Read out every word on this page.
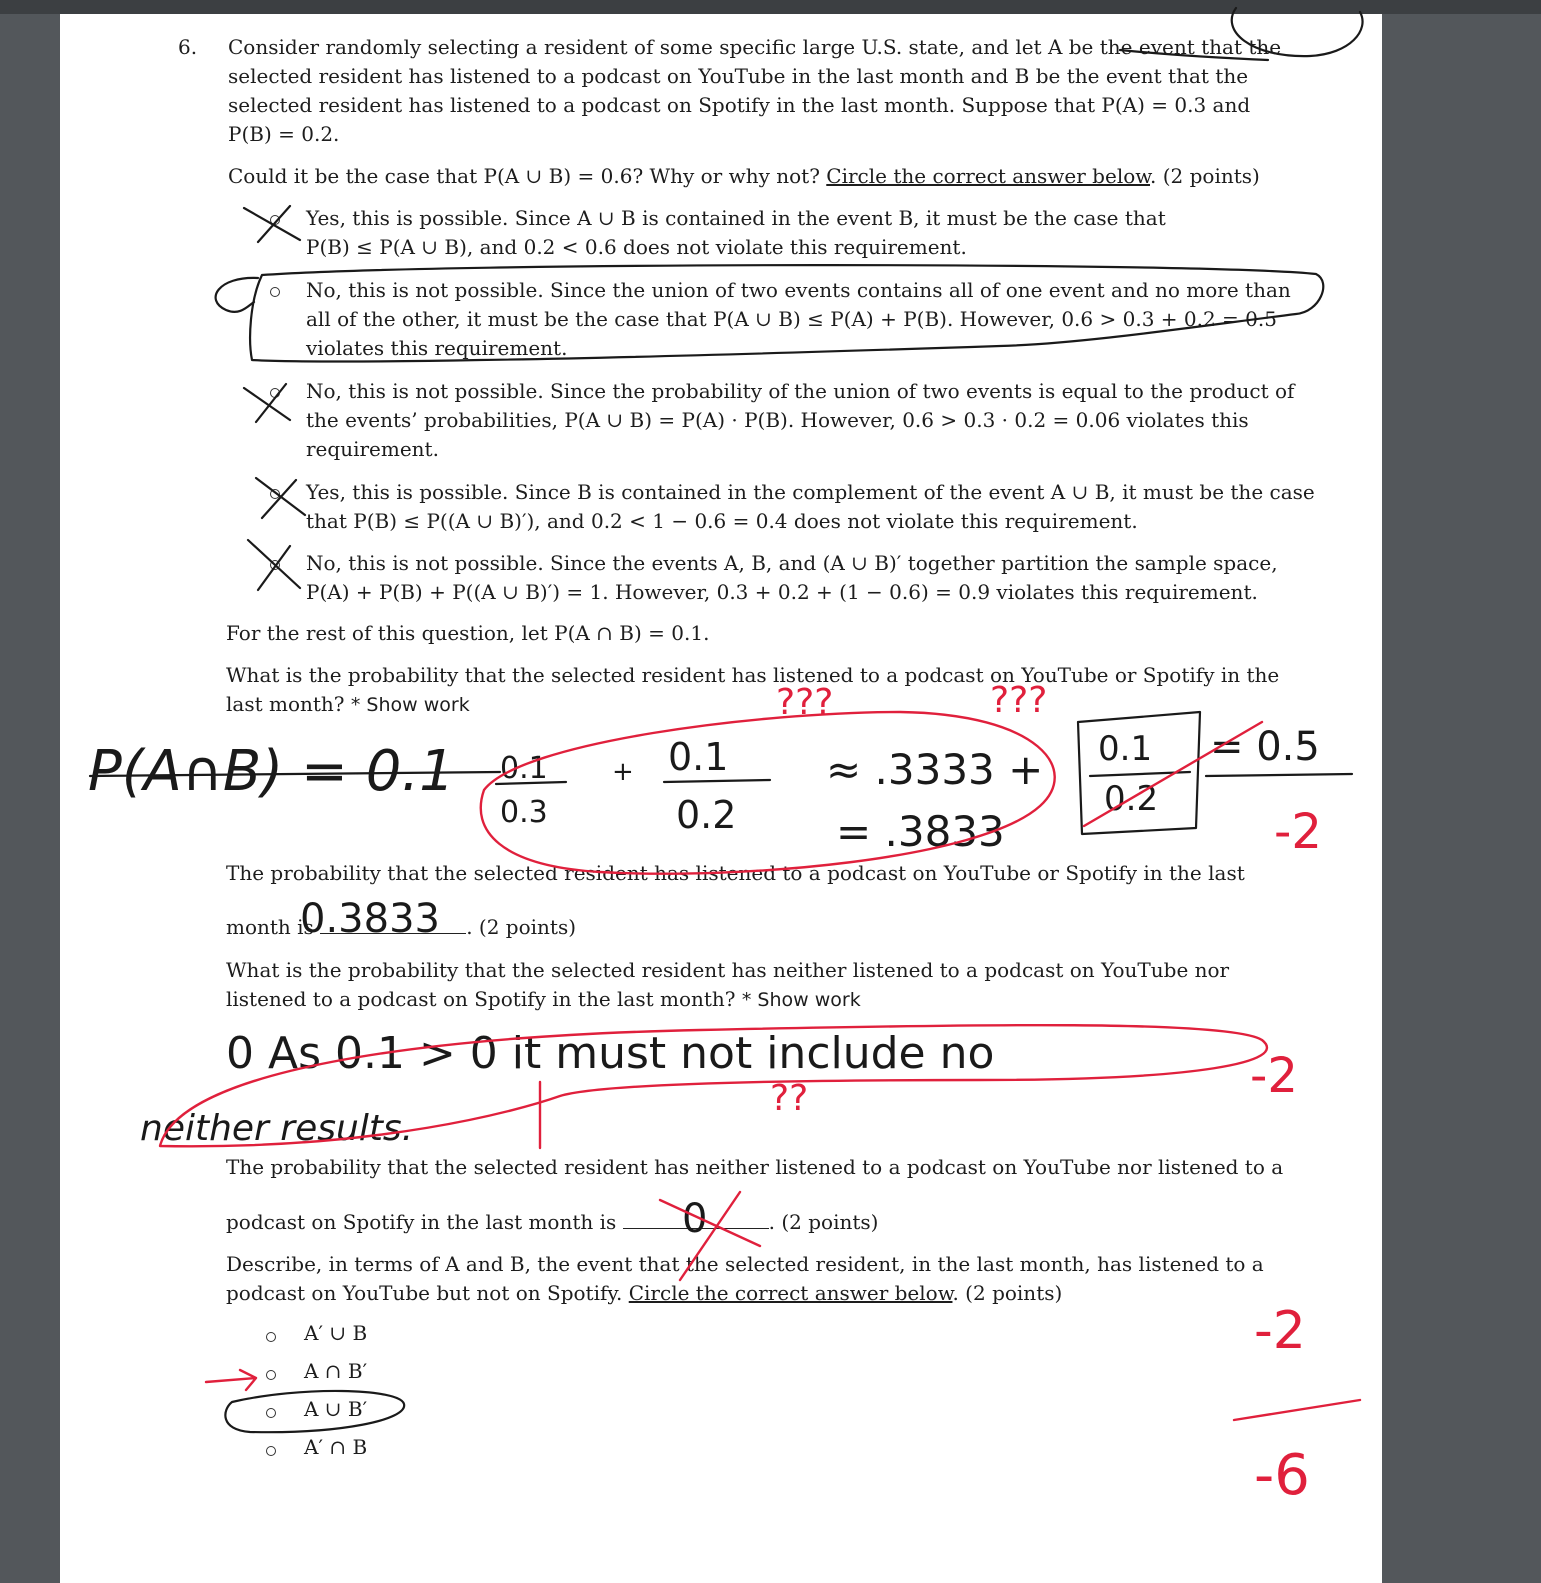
6. Consider randomly selecting a resident of some specific large U.S. state, and let A be the event that the
selected resident has listened to a podcast on YouTube in the last month and B be the event that the
selected resident has listened to a podcast on Spotify in the last month. Suppose that P(A) = 0.3 and
P(B) = 0.2.
Could it be the case that P(A ∪ B) = 0.6? Why or why not? Circle the correct answer below. (2 points)
Yes, this is possible. Since A ∪ B is contained in the event B, it must be the case that
P(B) ≤ P(A ∪ B), and 0.2 < 0.6 does not violate this requirement.
No, this is not possible. Since the union of two events contains all of one event and no more than
all of the other, it must be the case that P(A ∪ B) ≤ P(A) + P(B). However, 0.6 > 0.3 + 0.2 = 0.5
violates this requirement.
No, this is not possible. Since the probability of the union of two events is equal to the product of
the events’ probabilities, P(A ∪ B) = P(A) · P(B). However, 0.6 > 0.3 · 0.2 = 0.06 violates this
requirement.
Yes, this is possible. Since B is contained in the complement of the event A ∪ B, it must be the case
that P(B) ≤ P((A ∪ B)′), and 0.2 < 1 − 0.6 = 0.4 does not violate this requirement.
No, this is not possible. Since the events A, B, and (A ∪ B)′ together partition the sample space,
P(A) + P(B) + P((A ∪ B)′) = 1. However, 0.3 + 0.2 + (1 − 0.6) = 0.9 violates this requirement.
For the rest of this question, let P(A ∩ B) = 0.1.
What is the probability that the selected resident has listened to a podcast on YouTube or Spotify in the
last month? * Show work
The probability that the selected resident has listened to a podcast on YouTube or Spotify in the last
month is	. (2 points)
What is the probability that the selected resident has neither listened to a podcast on YouTube nor
listened to a podcast on Spotify in the last month? * Show work
The probability that the selected resident has neither listened to a podcast on YouTube nor listened to a
podcast on Spotify in the last month is	. (2 points)
Describe, in terms of A and B, the event that the selected resident, in the last month, has listened to a
podcast on YouTube but not on Spotify. Circle the correct answer below. (2 points)
A′ ∪ B
A ∩ B′
A ∪ B′
A′ ∩ B
P(A∩B) = 0.1 0.1
0.3
+ 0.1
0.2
≈ .3333 + 0.1
0.2
= 0.5
= .3833
0.3833
0 As 0.1 > 0 it must not include no
neither results.
0
???	???
??
-2
-2
-2
-6
